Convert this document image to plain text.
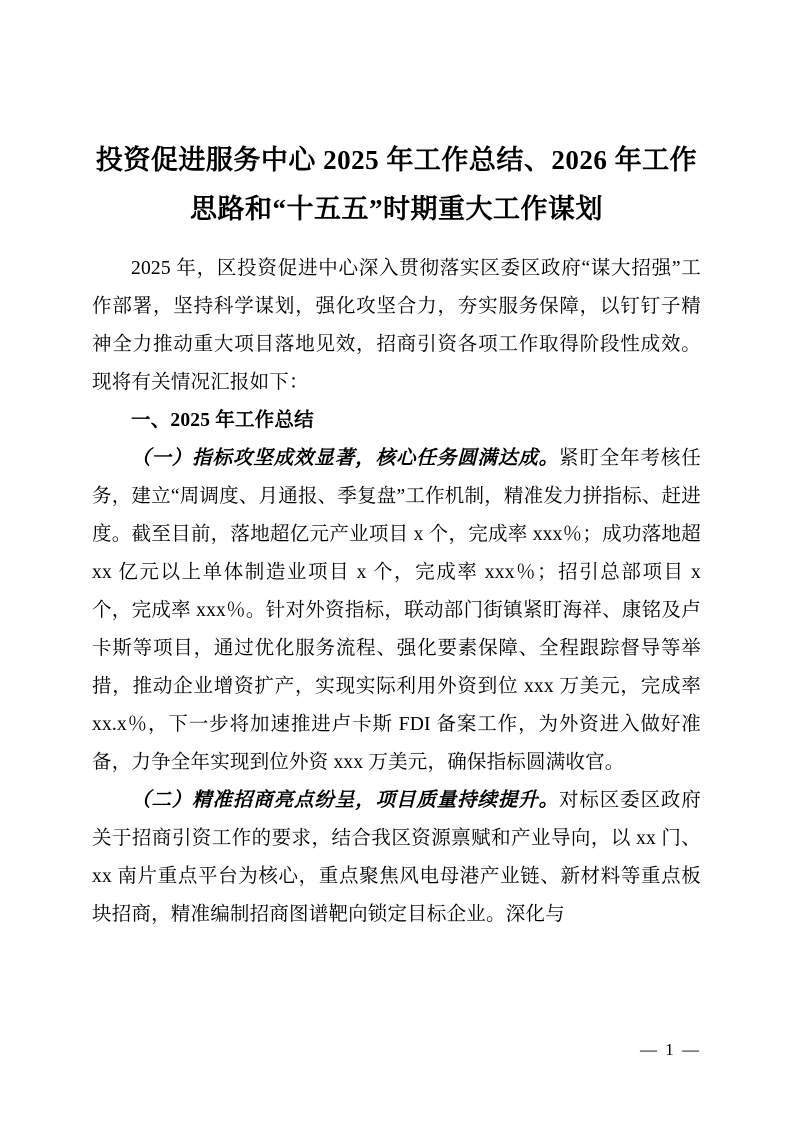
投资促进服务中心 2025 年工作总结、2026 年工作思路和“十五五”时期重大工作谋划

2025 年，区投资促进中心深入贯彻落实区委区政府“谋大招强”工作部署，坚持科学谋划，强化攻坚合力，夯实服务保障，以钉钉子精神全力推动重大项目落地见效，招商引资各项工作取得阶段性成效。现将有关情况汇报如下：

一、2025 年工作总结

（一）指标攻坚成效显著，核心任务圆满达成。紧盯全年考核任务，建立“周调度、月通报、季复盘”工作机制，精准发力拼指标、赶进度。截至目前，落地超亿元产业项目 x 个，完成率 xxx％；成功落地超 xx 亿元以上单体制造业项目 x 个，完成率 xxx％；招引总部项目 x 个，完成率 xxx％。针对外资指标，联动部门街镇紧盯海祥、康铭及卢卡斯等项目，通过优化服务流程、强化要素保障、全程跟踪督导等举措，推动企业增资扩产，实现实际利用外资到位 xxx 万美元，完成率 xx.x％，下一步将加速推进卢卡斯 FDI 备案工作，为外资进入做好准备，力争全年实现到位外资 xxx 万美元，确保指标圆满收官。

（二）精准招商亮点纷呈，项目质量持续提升。对标区委区政府关于招商引资工作的要求，结合我区资源禀赋和产业导向，以 xx 门、xx 南片重点平台为核心，重点聚焦风电母港产业链、新材料等重点板块招商，精准编制招商图谱靶向锁定目标企业。深化与

— 1 —
